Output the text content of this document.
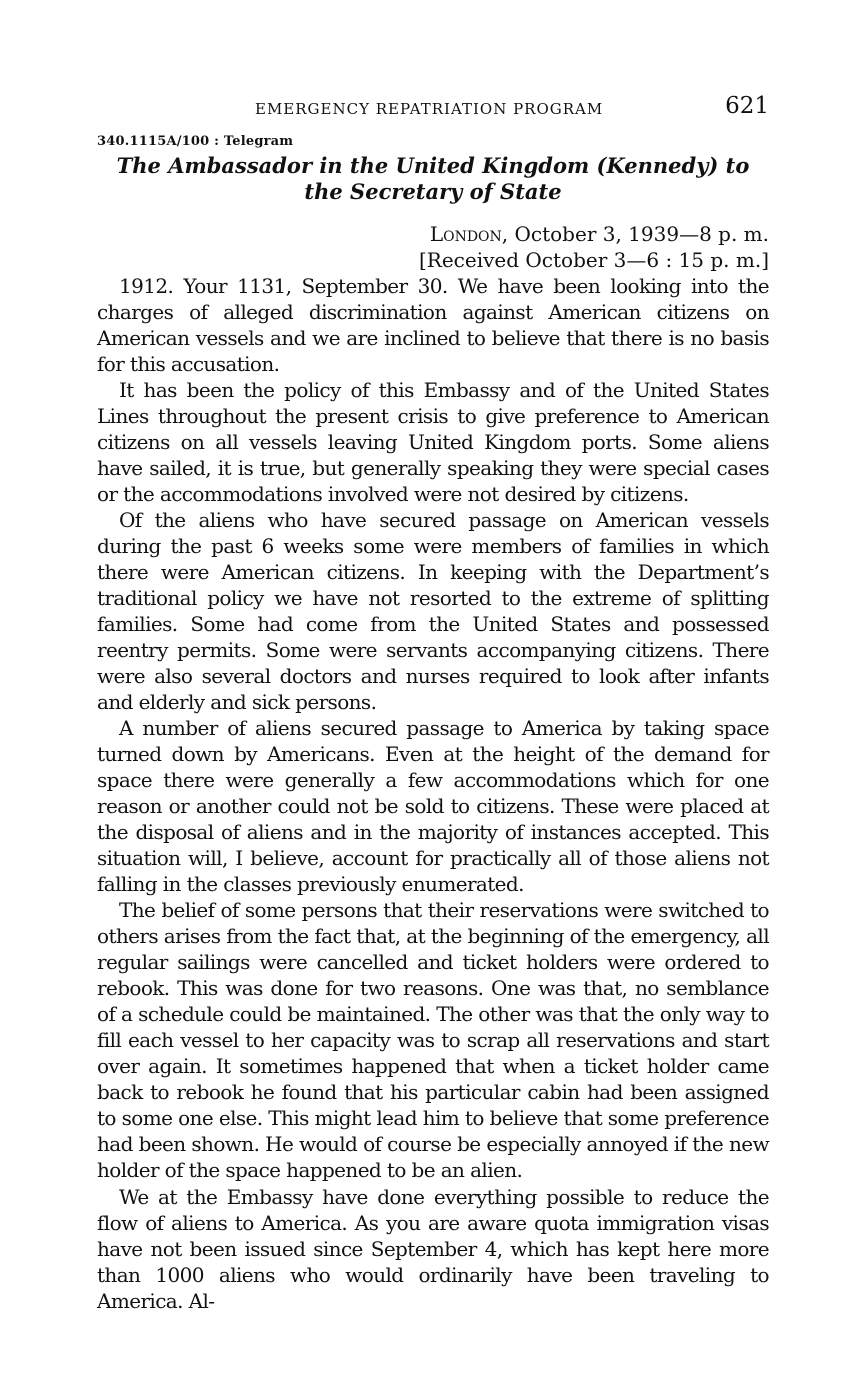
EMERGENCY REPATRIATION PROGRAM	621
340.1115A/100 : Telegram
The Ambassador in the United Kingdom (Kennedy) to the Secretary of State
London, October 3, 1939—8 p. m.
[Received October 3—6 : 15 p. m.]

1912. Your 1131, September 30. We have been looking into the charges of alleged discrimination against American citizens on American vessels and we are inclined to believe that there is no basis for this accusation.

It has been the policy of this Embassy and of the United States Lines throughout the present crisis to give preference to American citizens on all vessels leaving United Kingdom ports. Some aliens have sailed, it is true, but generally speaking they were special cases or the accommodations involved were not desired by citizens.

Of the aliens who have secured passage on American vessels during the past 6 weeks some were members of families in which there were American citizens. In keeping with the Department’s traditional policy we have not resorted to the extreme of splitting families. Some had come from the United States and possessed reentry permits. Some were servants accompanying citizens. There were also several doctors and nurses required to look after infants and elderly and sick persons.

A number of aliens secured passage to America by taking space turned down by Americans. Even at the height of the demand for space there were generally a few accommodations which for one reason or another could not be sold to citizens. These were placed at the disposal of aliens and in the majority of instances accepted. This situation will, I believe, account for practically all of those aliens not falling in the classes previously enumerated.

The belief of some persons that their reservations were switched to others arises from the fact that, at the beginning of the emergency, all regular sailings were cancelled and ticket holders were ordered to rebook. This was done for two reasons. One was that, no semblance of a schedule could be maintained. The other was that the only way to fill each vessel to her capacity was to scrap all reservations and start over again. It sometimes happened that when a ticket holder came back to rebook he found that his particular cabin had been assigned to some one else. This might lead him to believe that some preference had been shown. He would of course be especially annoyed if the new holder of the space happened to be an alien.

We at the Embassy have done everything possible to reduce the flow of aliens to America. As you are aware quota immigration visas have not been issued since September 4, which has kept here more than 1000 aliens who would ordinarily have been traveling to America. Al-
